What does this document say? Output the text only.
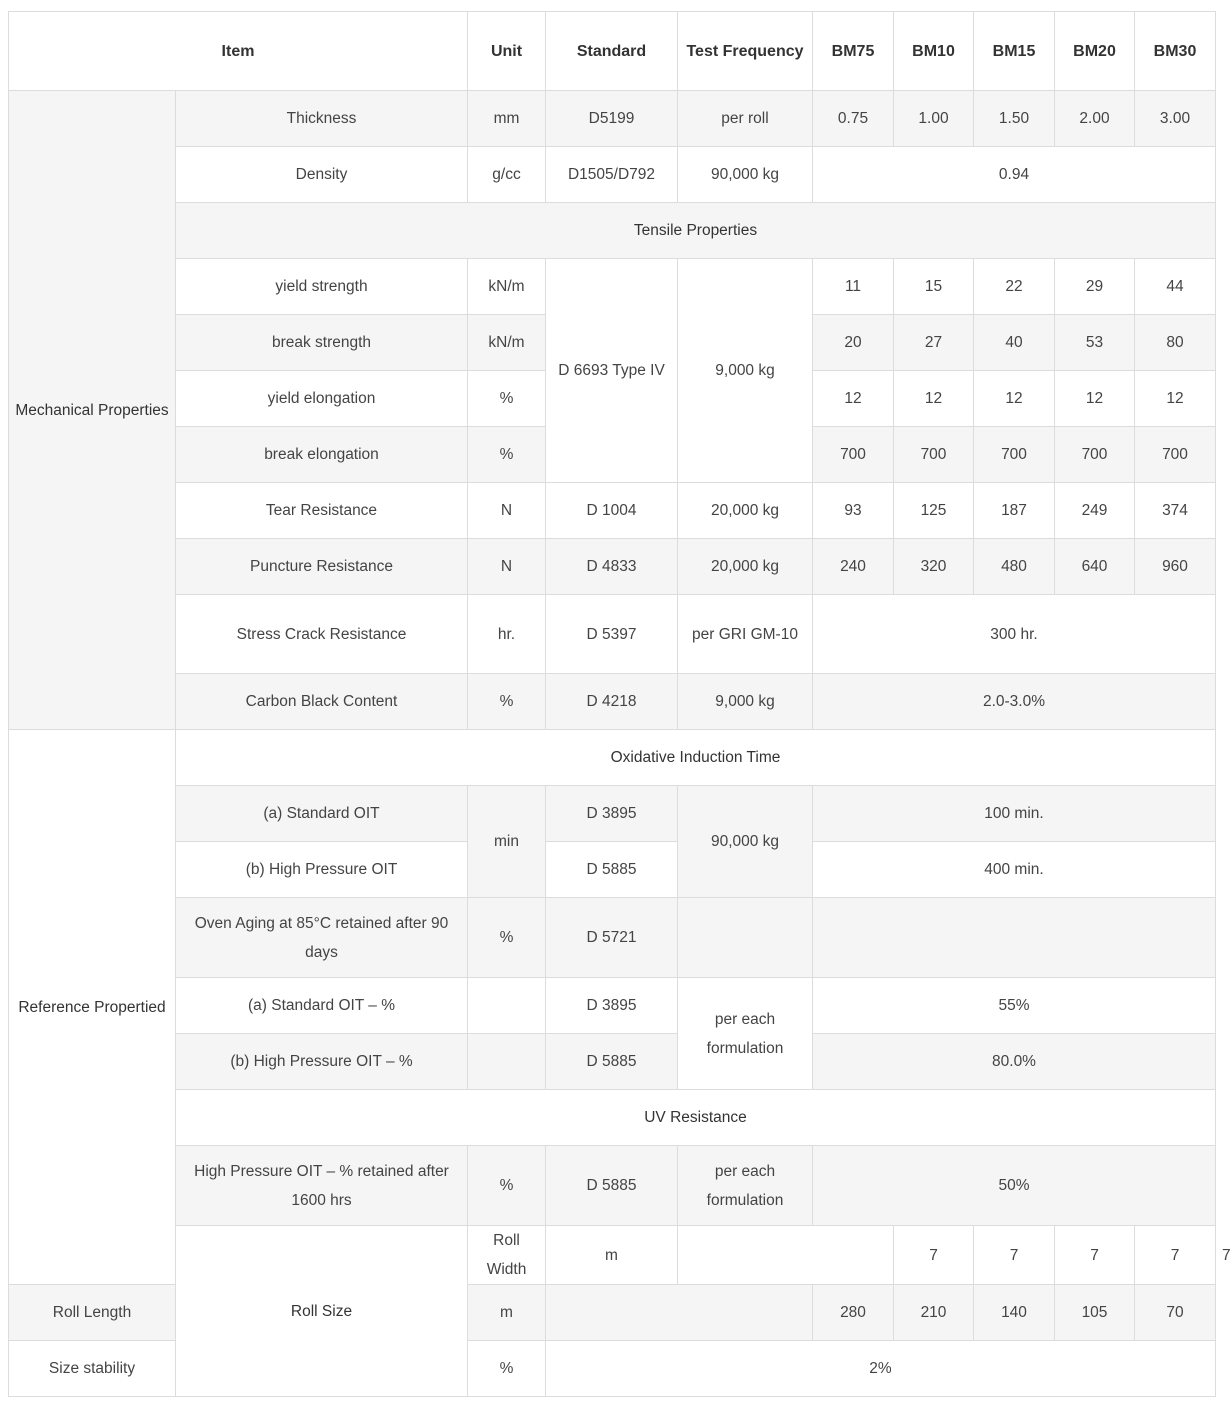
Item		Unit	Standard	Test Frequency	BM75	BM10	BM15	BM20	BM30	
Mechanical Properties	Thickness	mm	D5199	per roll	0.75	1.00	1.50	2.00	3.00	
	Density	g/cc	D1505/D792	90,000 kg	0.94					
	Tensile Properties									
	yield strength	kN/m	D 6693 Type IV	9,000 kg	11	15	22	29	44	
	break strength	kN/m			20	27	40	53	80	
	yield elongation	%			12	12	12	12	12	
	break elongation	%			700	700	700	700	700	
	Tear Resistance	N	D 1004	20,000 kg	93	125	187	249	374	
	Puncture Resistance	N	D 4833	20,000 kg	240	320	480	640	960	
	Stress Crack Resistance	hr.	D 5397	per GRI GM-10	300 hr.					
	Carbon Black Content	%	D 4218	9,000 kg	2.0-3.0%					
Reference Propertied	Oxidative Induction Time									
	(a) Standard OIT	min	D 3895	90,000 kg	100 min.					
	(b) High Pressure OIT		D 5885		400 min.					
	Oven Aging at 85°C retained after 90 days	%	D 5721							
	(a) Standard OIT – %		D 3895	per each formulation	55%					
	(b) High Pressure OIT – %		D 5885		80.0%					
	UV Resistance									
	High Pressure OIT – % retained after 1600 hrs	%	D 5885	per each formulation	50%					
	Roll Size	Roll Width	m			7	7	7	7	7
Roll Length		m			280	210	140	105	70	
Size stability		%	2%							
